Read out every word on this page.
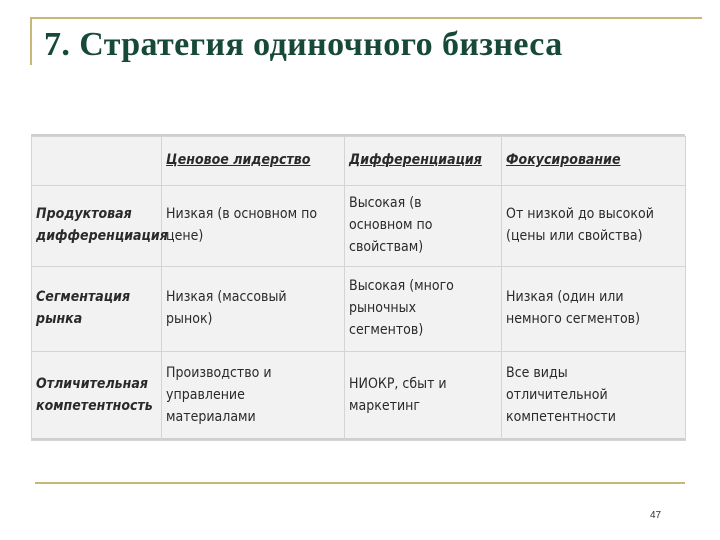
7. Стратегия одиночного бизнеса
	Ценовое лидерство	Дифференциация	Фокусирование
Продуктовая дифференциация	Низкая (в основном по цене)	Высокая (в основном по свойствам)	От низкой до высокой (цены или свойства)
Сегментация рынка	Низкая (массовый рынок)	Высокая (много рыночных сегментов)	Низкая (один или немного сегментов)
Отличительная компетентность	Производство и управление материалами	НИОКР, сбыт и маркетинг	Все виды отличительной компетентности
47
